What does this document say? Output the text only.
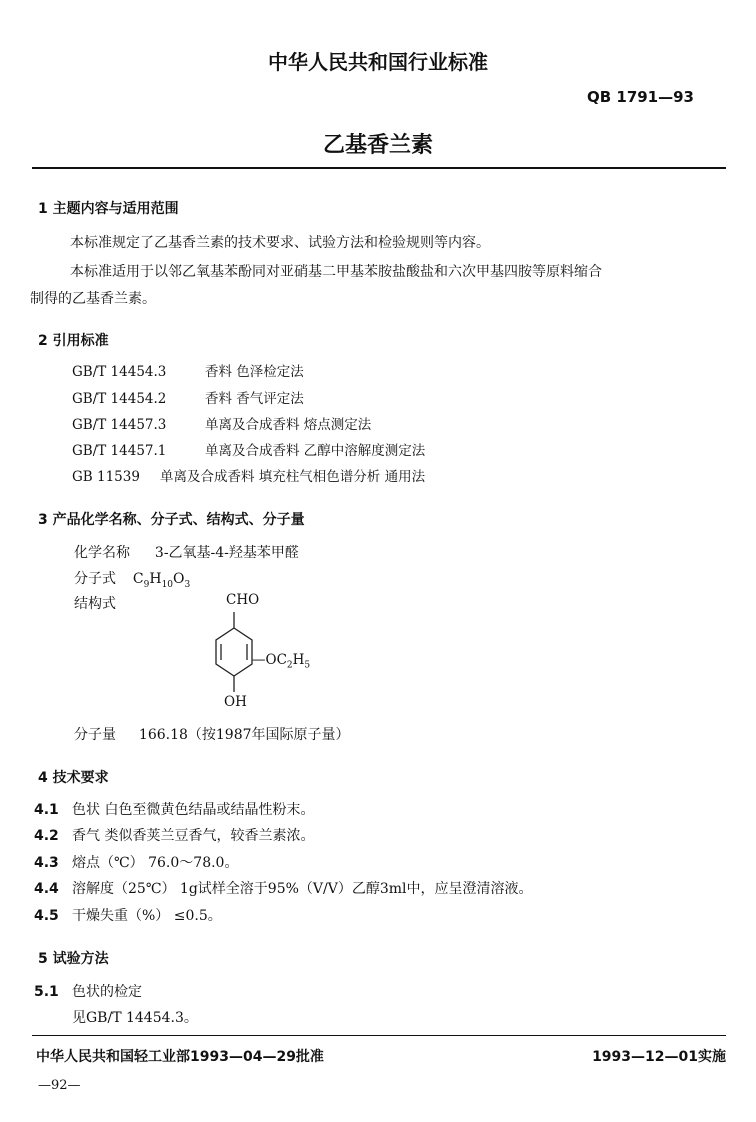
中华人民共和国行业标准
QB 1791—93
乙基香兰素
1 主题内容与适用范围
本标准规定了乙基香兰素的技术要求、试验方法和检验规则等内容。
本标准适用于以邻乙氧基苯酚同对亚硝基二甲基苯胺盐酸盐和六次甲基四胺等原料缩合
制得的乙基香兰素。
2 引用标准
GB/T 14454.3	香料 色泽检定法
GB/T 14454.2	香料 香气评定法
GB/T 14457.3	单离及合成香料 熔点测定法
GB/T 14457.1	单离及合成香料 乙醇中溶解度测定法
GB 11539 单离及合成香料 填充柱气相色谱分析 通用法
3 产品化学名称、分子式、结构式、分子量
化学名称 3-乙氧基-4-羟基苯甲醛
分子式 $C_9H_{10}O_3$
结构式	CHO
$—OC_2H_5$
OH
分子量 166.18（按1987年国际原子量）
4 技术要求
4.1 色状 白色至微黄色结晶或结晶性粉末。
4.2 香气 类似香荚兰豆香气，较香兰素浓。
4.3 熔点（℃） 76.0～78.0。
4.4 溶解度（25℃） 1g试样全溶于95%（V/V）乙醇3ml中，应呈澄清溶液。
4.5 干燥失重（%） ≤0.5。
5 试验方法
5.1 色状的检定
见GB/T 14454.3。
中华人民共和国轻工业部1993—04—29批准	1993—12—01实施
—92—
